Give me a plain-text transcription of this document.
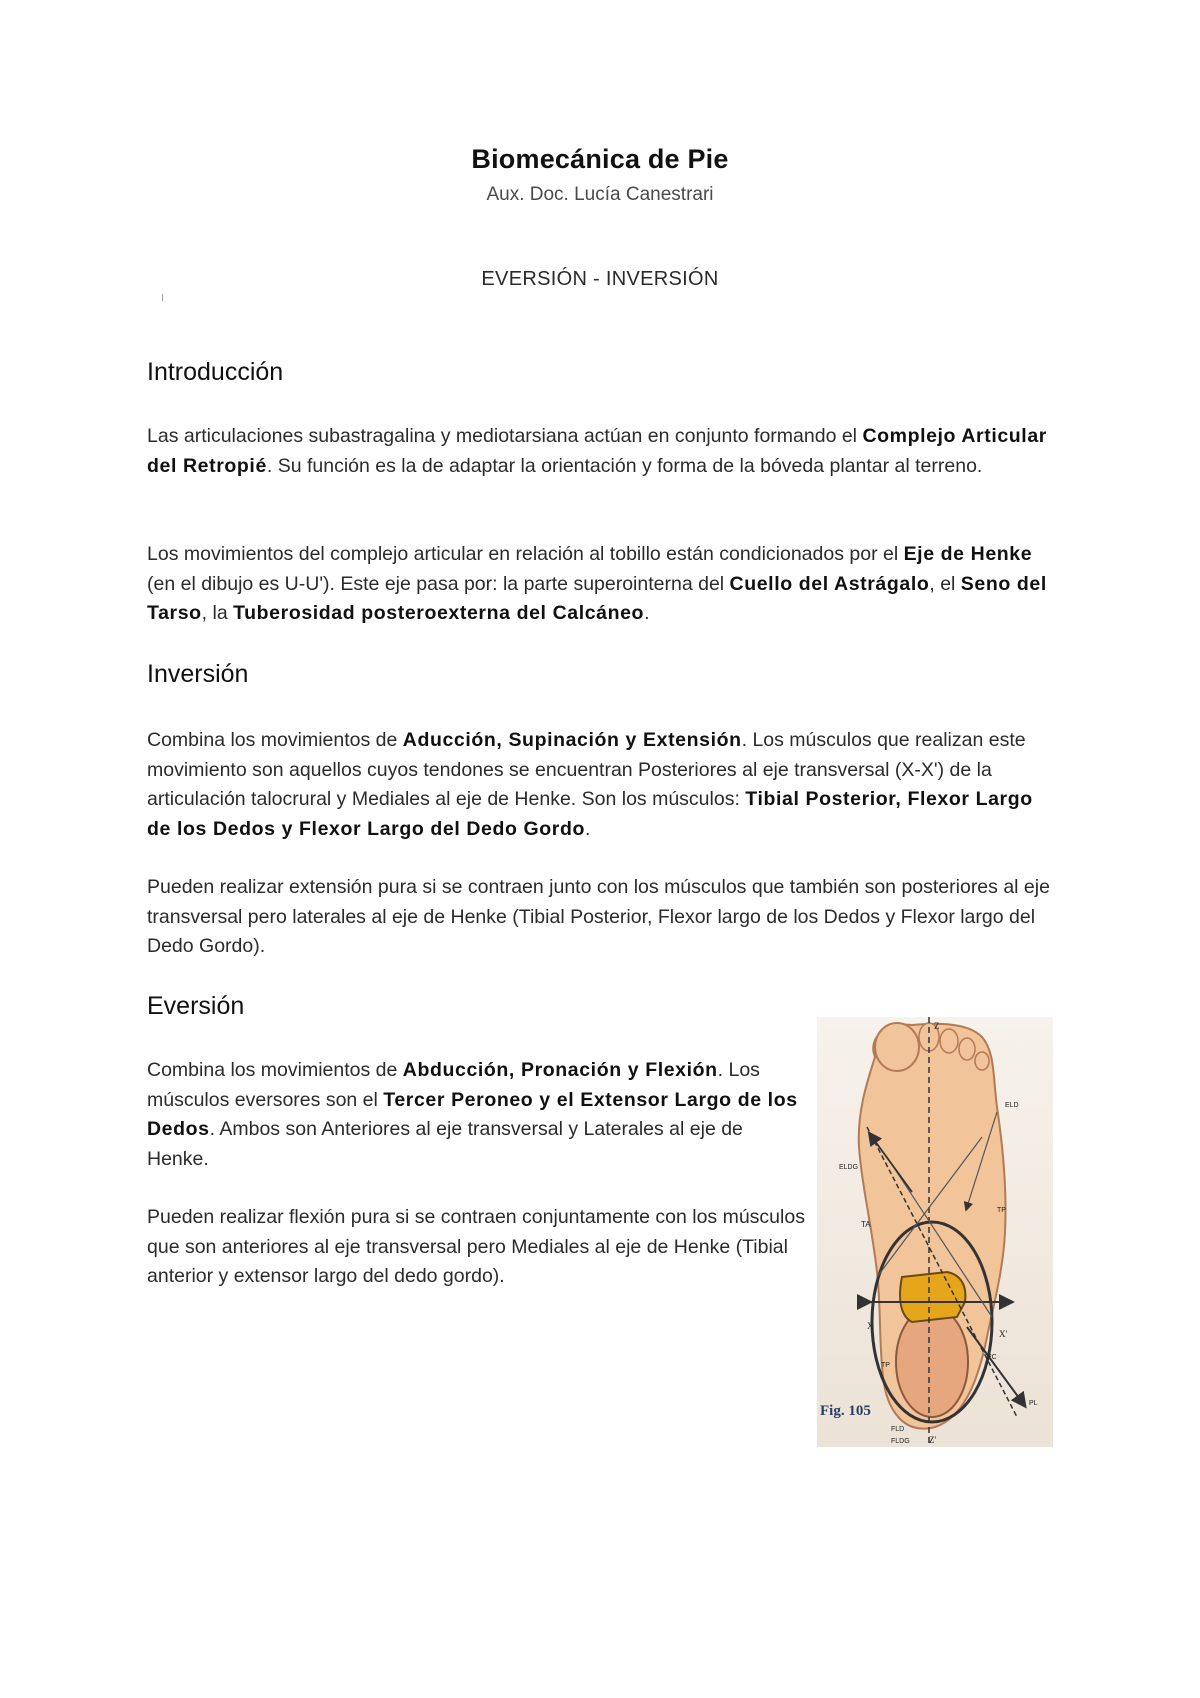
Biomecánica de Pie
Aux. Doc. Lucía Canestrari
EVERSIÓN - INVERSIÓN
Introducción
Las articulaciones subastragalina y mediotarsiana actúan en conjunto formando el Complejo Articular del Retropié. Su función es la de adaptar la orientación y forma de la bóveda plantar al terreno.
Los movimientos del complejo articular en relación al tobillo están condicionados por el Eje de Henke (en el dibujo es U-U'). Este eje pasa por: la parte superointerna del Cuello del Astrágalo, el Seno del Tarso, la Tuberosidad posteroexterna del Calcáneo.
Inversión
Combina los movimientos de Aducción, Supinación y Extensión. Los músculos que realizan este movimiento son aquellos cuyos tendones se encuentran Posteriores al eje transversal (X-X') de la articulación talocrural y Mediales al eje de Henke. Son los músculos: Tibial Posterior, Flexor Largo de los Dedos y Flexor Largo del Dedo Gordo.
Pueden realizar extensión pura si se contraen junto con los músculos que también son posteriores al eje transversal pero laterales al eje de Henke (Tibial Posterior, Flexor largo de los Dedos y Flexor largo del Dedo Gordo).
Eversión
Combina los movimientos de Abducción, Pronación y Flexión. Los músculos eversores son el Tercer Peroneo y el Extensor Largo de los Dedos. Ambos son Anteriores al eje transversal y Laterales al eje de Henke.
Pueden realizar flexión pura si se contraen conjuntamente con los músculos que son anteriores al eje transversal pero Mediales al eje de Henke (Tibial anterior y extensor largo del dedo gordo).
Z
ELD
ELDG
TP
TA
X
X'
TP
PC
PL
FLD
FLDG Z'
Fig. 105
